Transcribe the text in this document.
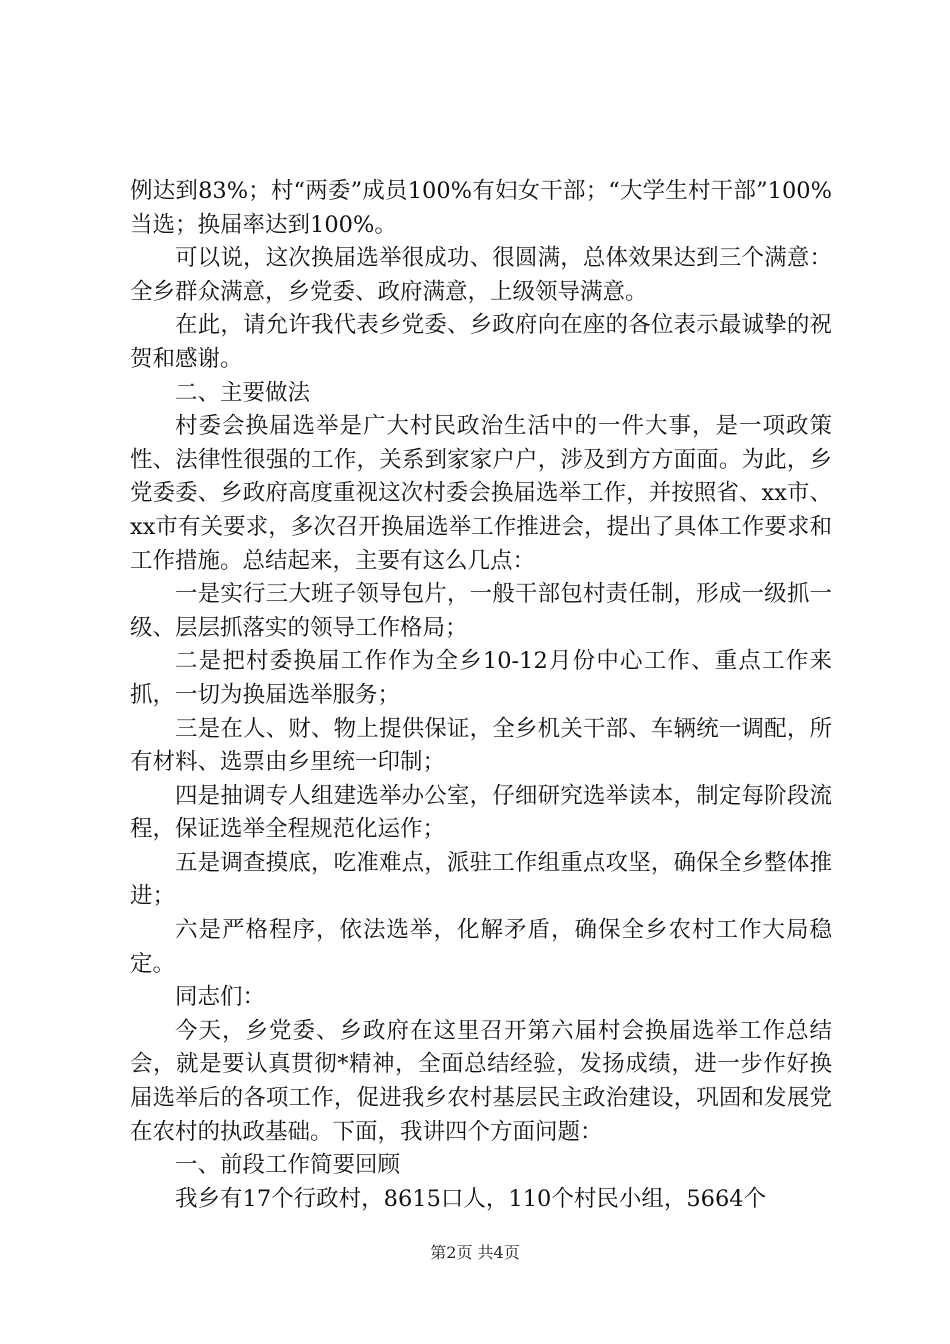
例达到83%；村“两委”成员100%有妇女干部；“大学生村干部”100%当选；换届率达到100%。

可以说，这次换届选举很成功、很圆满，总体效果达到三个满意：全乡群众满意，乡党委、政府满意，上级领导满意。

在此，请允许我代表乡党委、乡政府向在座的各位表示最诚挚的祝贺和感谢。

二、主要做法

村委会换届选举是广大村民政治生活中的一件大事，是一项政策性、法律性很强的工作，关系到家家户户，涉及到方方面面。为此，乡党委委、乡政府高度重视这次村委会换届选举工作，并按照省、xx市、xx市有关要求，多次召开换届选举工作推进会，提出了具体工作要求和工作措施。总结起来，主要有这么几点：

一是实行三大班子领导包片，一般干部包村责任制，形成一级抓一级、层层抓落实的领导工作格局；

二是把村委换届工作作为全乡10-12月份中心工作、重点工作来抓，一切为换届选举服务；

三是在人、财、物上提供保证，全乡机关干部、车辆统一调配，所有材料、选票由乡里统一印制；

四是抽调专人组建选举办公室，仔细研究选举读本，制定每阶段流程，保证选举全程规范化运作；

五是调查摸底，吃准难点，派驻工作组重点攻坚，确保全乡整体推进；

六是严格程序，依法选举，化解矛盾，确保全乡农村工作大局稳定。

同志们：

今天，乡党委、乡政府在这里召开第六届村会换届选举工作总结会，就是要认真贯彻*精神，全面总结经验，发扬成绩，进一步作好换届选举后的各项工作，促进我乡农村基层民主政治建设，巩固和发展党在农村的执政基础。下面，我讲四个方面问题：

一、前段工作简要回顾

我乡有17个行政村，8615口人，110个村民小组，5664个

第2页 共4页
